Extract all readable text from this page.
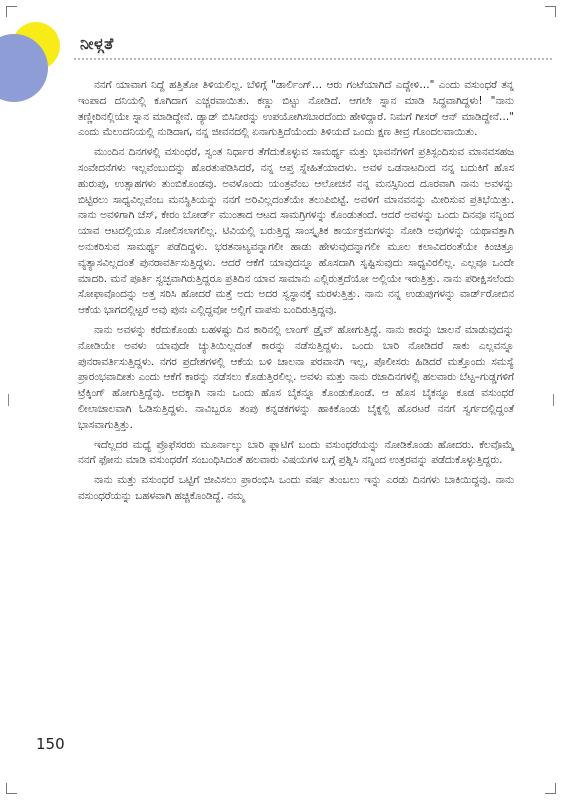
ನೀಳ್ಗತೆ

ನನಗೆ ಯಾವಾಗ ನಿದ್ದೆ ಹತ್ತಿತೋ ತಿಳಿಯಲಿಲ್ಲ. ಬೆಳಿಗ್ಗೆ "ಡಾರ್ಲಿಂಗ್… ಆರು ಗಂಟೆಯಾಗಿದೆ ಎದ್ದೇಳಿ…" ಎಂದು ವಸುಂಧರೆ ತನ್ನ ಇಂಪಾದ ದನಿಯಲ್ಲಿ ಕೂಗಿದಾಗ ಎಚ್ಚರವಾಯಿತು. ಕಣ್ಣು ಬಿಟ್ಟು ನೋಡಿದೆ. ಆಗಲೇ ಸ್ನಾನ ಮಾಡಿ ಸಿದ್ಧವಾಗಿದ್ದಳು! "ನಾನು ತಣ್ಣೀರಿನಲ್ಲಿಯೇ ಸ್ನಾನ ಮಾಡಿದ್ದೇನೆ. ಡ್ಯಾಡ್ ಬಿಸಿನೀರನ್ನು ಉಪಯೋಗಿಸಬಾರದೆಂದು ಹೇಳಿದ್ದಾರೆ. ನಿಮಗೆ ಗೀಸರ್ ಆನ್ ಮಾಡಿದ್ದೇನೆ…" ಎಂದು ಮೆಲುದನಿಯಲ್ಲಿ ನುಡಿದಾಗ, ನನ್ನ ಜೀವನದಲ್ಲಿ ಏನಾಗುತ್ತಿದೆಯೆಂದು ತಿಳಿಯದೆ ಒಂದು ಕ್ಷಣ ತೀವ್ರ ಗೊಂದಲವಾಯಿತು.

ಮುಂದಿನ ದಿನಗಳಲ್ಲಿ ವಸುಂಧರೆ, ಸ್ವಂತ ನಿರ್ಧಾರ ತೆಗೆದುಕೊಳ್ಳುವ ಸಾಮರ್ಥ್ಯ ಮತ್ತು ಭಾವನೆಗಳಿಗೆ ಪ್ರತಿಸ್ಪಂದಿಸುವ ಮಾನವಸಹಜ ಸಂವೇದನೆಗಳು ಇಲ್ಲವೆಂಬುದನ್ನು ಹೊರತುಪಡಿಸಿದರೆ, ನನ್ನ ಆಪ್ತ ಸ್ನೇಹಿತೆಯಾದಳು. ಅವಳ ಒಡನಾಟದಿಂದ ನನ್ನ ಬದುಕಿಗೆ ಹೊಸ ಹುರುಪು, ಉತ್ಸಾಹಗಳು ತುಂಬಿಕೊಂಡವು. ಅವಳೊಂದು ಯಂತ್ರವೆಂಬ ಆಲೋಚನೆ ನನ್ನ ಮನಸ್ಸಿನಿಂದ ದೂರವಾಗಿ ನಾನು ಅವಳನ್ನು ಬಿಟ್ಟಿರಲು ಸಾಧ್ಯವಿಲ್ಲವೆಂಬ ಮನಸ್ಥಿತಿಯನ್ನು ನನಗೆ ಅರಿವಿಲ್ಲದಂತೆಯೇ ತಲುಪಿಬಿಟ್ಟೆ. ಅವಳಿಗೆ ಮಾನವನನ್ನು ಮೀರಿಸುವ ಪ್ರತಿಭೆಯಿತ್ತು. ನಾನು ಅವಳಿಗಾಗಿ ಚೆಸ್, ಕೇರಂ ಬೋರ್ಡ್ ಮುಂತಾದ ಆಟದ ಸಾಮಗ್ರಿಗಳನ್ನು ಕೊಂಡುತಂದೆ. ಆದರೆ ಅವಳನ್ನು ಒಂದು ದಿನವೂ ನನ್ನಿಂದ ಯಾವ ಆಟದಲ್ಲಿಯೂ ಸೋಲಿಸಲಾಗಲಿಲ್ಲ. ಟಿವಿಯಲ್ಲಿ ಬರುತ್ತಿದ್ದ ಸಾಂಸ್ಕೃತಿಕ ಕಾರ್ಯಕ್ರಮಗಳನ್ನು ನೋಡಿ ಅವುಗಳನ್ನು ಯಥಾವತ್ತಾಗಿ ಅನುಕರಿಸುವ ಸಾಮರ್ಥ್ಯ ಪಡೆದಿದ್ದಳು. ಭರತನಾಟ್ಯವನ್ನಾಗಲೀ ಹಾಡು ಹೇಳುವುದನ್ನಾಗಲೀ ಮೂಲ ಕಲಾವಿದರಂತೆಯೇ ಕಿಂಚಿತ್ತೂ ವ್ಯತ್ಯಾಸವಿಲ್ಲದಂತೆ ಪುನರಾವರ್ತಿಸುತ್ತಿದ್ದಳು. ಆದರೆ ಆಕೆಗೆ ಯಾವುದನ್ನೂ ಹೊಸದಾಗಿ ಸೃಷ್ಟಿಸುವುದು ಸಾಧ್ಯವಿರಲಿಲ್ಲ. ಎಲ್ಲವೂ ಒಂದೇ ಮಾದರಿ. ಮನೆ ಪೂರ್ತಿ ಸ್ವಚ್ಛವಾಗಿರುತ್ತಿದ್ದರೂ ಪ್ರತಿದಿನ ಯಾವ ಸಾಮಾನು ಎಲ್ಲಿರುತ್ತದೆಯೋ ಅಲ್ಲಿಯೇ ಇರುತ್ತಿತ್ತು. ನಾನು ಪರೀಕ್ಷಿಸಲೆಂದು ಸೋಫಾವೊಂದನ್ನು ಅತ್ತ ಸರಿಸಿ ಹೋದರೆ ಮತ್ತೆ ಅದು ಅದರ ಸ್ವಸ್ಥಾನಕ್ಕೆ ಮರಳುತ್ತಿತ್ತು. ನಾನು ನನ್ನ ಉಡುಪುಗಳನ್ನು ವಾರ್ಡ್‌ರೋಬಿನ ಆಕೆಯ ಭಾಗದಲ್ಲಿಟ್ಟರೆ ಅವು ಪುನಃ ಎಲ್ಲಿದ್ದವೋ ಅಲ್ಲಿಗೆ ವಾಪಸು ಬಂದಿರುತ್ತಿದ್ದವು.

ನಾನು ಅವಳನ್ನು ಕರೆದುಕೊಂಡು ಬಹಳಷ್ಟು ದಿನ ಕಾರಿನಲ್ಲಿ ಲಾಂಗ್ ಡ್ರೈವ್ ಹೋಗುತ್ತಿದ್ದೆ. ನಾನು ಕಾರನ್ನು ಚಾಲನೆ ಮಾಡುವುದನ್ನು ನೋಡಿಯೇ ಅವಳು ಯಾವುದೇ ಚ್ಯುತಿಯಿಲ್ಲದಂತೆ ಕಾರನ್ನು ನಡೆಸುತ್ತಿದ್ದಳು. ಒಂದು ಬಾರಿ ನೋಡಿದರೆ ಸಾಕು ಎಲ್ಲವನ್ನೂ ಪುನರಾವರ್ತಿಸುತ್ತಿದ್ದಳು. ನಗರ ಪ್ರದೇಶಗಳಲ್ಲಿ ಆಕೆಯ ಬಳಿ ಚಾಲನಾ ಪರವಾನಗಿ ಇಲ್ಲ, ಪೊಲೀಸರು ಹಿಡಿದರೆ ಮತ್ತೊಂದು ಸಮಸ್ಯೆ ಪ್ರಾರಂಭವಾದೀತು ಎಂದು ಆಕೆಗೆ ಕಾರನ್ನು ನಡೆಸಲು ಕೊಡುತ್ತಿರಲಿಲ್ಲ. ಅವಳು ಮತ್ತು ನಾನು ರಜಾದಿನಗಳಲ್ಲಿ ಹಲವಾರು ಬೆಟ್ಟ–ಗುಡ್ಡಗಳಿಗೆ ಟ್ರೆಕ್ಕಿಂಗ್ ಹೋಗುತ್ತಿದ್ದೆವು. ಅದಕ್ಕಾಗಿ ನಾನು ಒಂದು ಹೊಸ ಬೈಕನ್ನೂ ಕೊಂಡುಕೊಂಡೆ. ಆ ಹೊಸ ಬೈಕನ್ನೂ ಕೂಡ ವಸುಂಧರೆ ಲೀಲಾಜಾಲವಾಗಿ ಓಡಿಸುತ್ತಿದ್ದಳು. ನಾವಿಬ್ಬರೂ ತಂಪು ಕನ್ನಡಕಗಳನ್ನು ಹಾಕಿಕೊಂಡು ಬೈಕ್ನಲ್ಲಿ ಹೊರಟರೆ ನನಗೆ ಸ್ವರ್ಗದಲ್ಲಿದ್ದಂತೆ ಭಾಸವಾಗುತ್ತಿತ್ತು.

ಇದೆಲ್ಲದರ ಮಧ್ಯೆ ಪ್ರೊಫೆಸರರು ಮೂರ್ನಾಲ್ಕು ಬಾರಿ ಫ್ಲಾಟಿಗೆ ಬಂದು ವಸುಂಧರೆಯನ್ನು ನೋಡಿಕೊಂಡು ಹೋದರು. ಕೆಲವೊಮ್ಮೆ ನನಗೆ ಫೋನು ಮಾಡಿ ವಸುಂಧರೆಗೆ ಸಂಬಂಧಿಸಿದಂತೆ ಹಲವಾರು ವಿಷಯಗಳ ಬಗ್ಗೆ ಪ್ರಶ್ನಿಸಿ ನನ್ನಿಂದ ಉತ್ತರವನ್ನು ಪಡೆದುಕೊಳ್ಳುತ್ತಿದ್ದರು.

ನಾನು ಮತ್ತು ವಸುಂಧರೆ ಒಟ್ಟಿಗೆ ಜೀವಿಸಲು ಪ್ರಾರಂಭಿಸಿ ಒಂದು ವರ್ಷ ತುಂಬಲು ಇನ್ನು ಎರಡು ದಿನಗಳು ಬಾಕಿಯಿದ್ದವು. ನಾನು ವಸುಂಧರೆಯನ್ನು ಬಹಳವಾಗಿ ಹಚ್ಚಿಕೊಂಡಿದ್ದೆ. ನಮ್ಮ

150
